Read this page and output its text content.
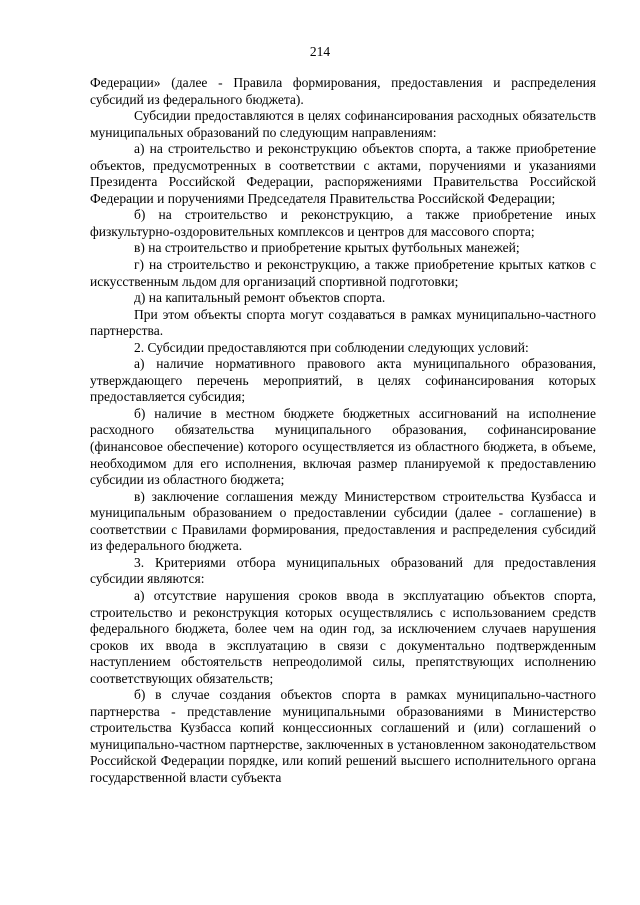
214

Федерации» (далее - Правила формирования, предоставления и распределения субсидий из федерального бюджета).

Субсидии предоставляются в целях софинансирования расходных обязательств муниципальных образований по следующим направлениям:

а) на строительство и реконструкцию объектов спорта, а также приобретение объектов, предусмотренных в соответствии с актами, поручениями и указаниями Президента Российской Федерации, распоряжениями Правительства Российской Федерации и поручениями Председателя Правительства Российской Федерации;

б) на строительство и реконструкцию, а также приобретение иных физкультурно-оздоровительных комплексов и центров для массового спорта;

в) на строительство и приобретение крытых футбольных манежей;

г) на строительство и реконструкцию, а также приобретение крытых катков с искусственным льдом для организаций спортивной подготовки;

д) на капитальный ремонт объектов спорта.

При этом объекты спорта могут создаваться в рамках муниципально-частного партнерства.

2. Субсидии предоставляются при соблюдении следующих условий:

а) наличие нормативного правового акта муниципального образования, утверждающего перечень мероприятий, в целях софинансирования которых предоставляется субсидия;

б) наличие в местном бюджете бюджетных ассигнований на исполнение расходного обязательства муниципального образования, софинансирование (финансовое обеспечение) которого осуществляется из областного бюджета, в объеме, необходимом для его исполнения, включая размер планируемой к предоставлению субсидии из областного бюджета;

в) заключение соглашения между Министерством строительства Кузбасса и муниципальным образованием о предоставлении субсидии (далее - соглашение) в соответствии с Правилами формирования, предоставления и распределения субсидий из федерального бюджета.

3. Критериями отбора муниципальных образований для предоставления субсидии являются:

а) отсутствие нарушения сроков ввода в эксплуатацию объектов спорта, строительство и реконструкция которых осуществлялись с использованием средств федерального бюджета, более чем на один год, за исключением случаев нарушения сроков их ввода в эксплуатацию в связи с документально подтвержденным наступлением обстоятельств непреодолимой силы, препятствующих исполнению соответствующих обязательств;

б) в случае создания объектов спорта в рамках муниципально-частного партнерства - представление муниципальными образованиями в Министерство строительства Кузбасса копий концессионных соглашений и (или) соглашений о муниципально-частном партнерстве, заключенных в установленном законодательством Российской Федерации порядке, или копий решений высшего исполнительного органа государственной власти субъекта
